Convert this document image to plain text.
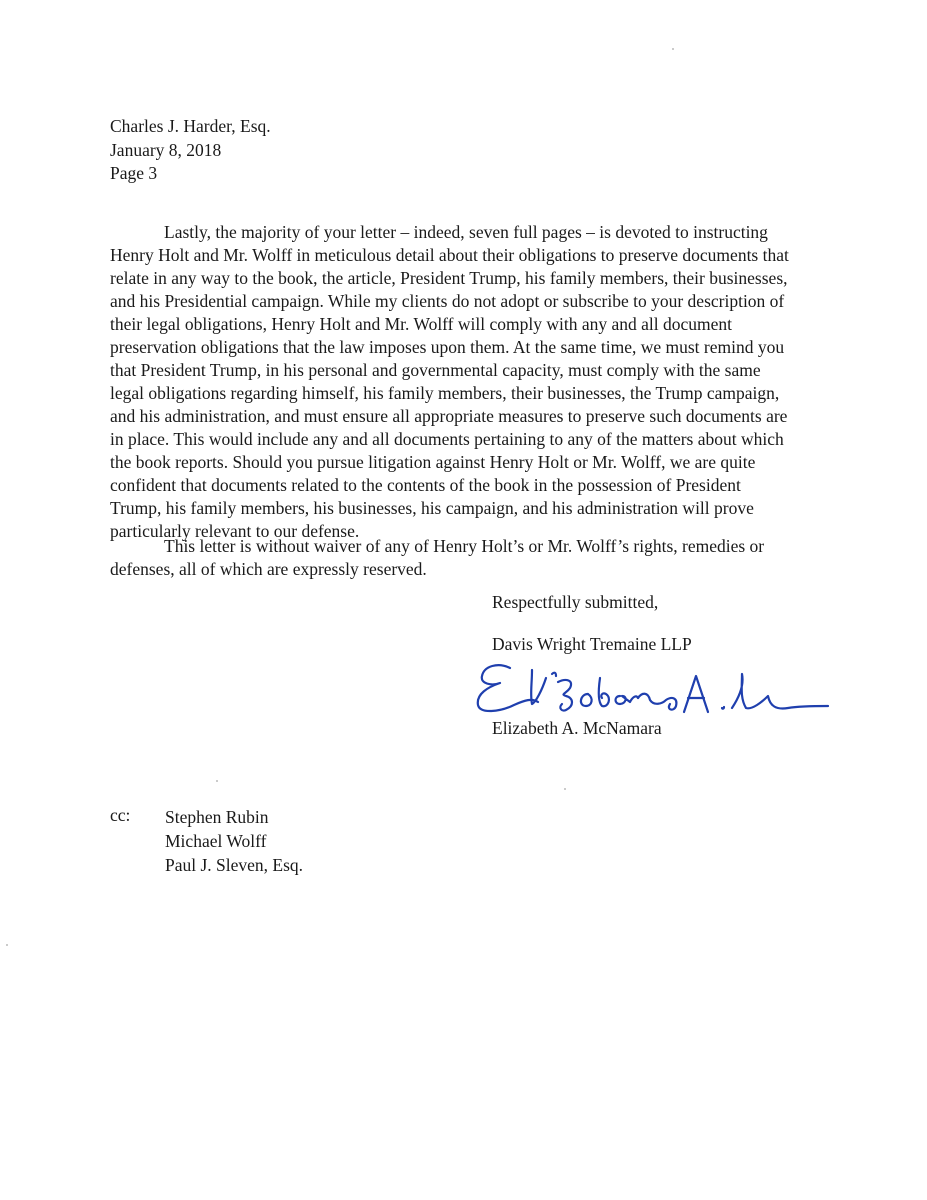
Charles J. Harder, Esq.
January 8, 2018
Page 3

Lastly, the majority of your letter – indeed, seven full pages – is devoted to instructing
Henry Holt and Mr. Wolff in meticulous detail about their obligations to preserve documents that
relate in any way to the book, the article, President Trump, his family members, their businesses,
and his Presidential campaign. While my clients do not adopt or subscribe to your description of
their legal obligations, Henry Holt and Mr. Wolff will comply with any and all document
preservation obligations that the law imposes upon them. At the same time, we must remind you
that President Trump, in his personal and governmental capacity, must comply with the same
legal obligations regarding himself, his family members, their businesses, the Trump campaign,
and his administration, and must ensure all appropriate measures to preserve such documents are
in place. This would include any and all documents pertaining to any of the matters about which
the book reports. Should you pursue litigation against Henry Holt or Mr. Wolff, we are quite
confident that documents related to the contents of the book in the possession of President
Trump, his family members, his businesses, his campaign, and his administration will prove
particularly relevant to our defense.

This letter is without waiver of any of Henry Holt’s or Mr. Wolff’s rights, remedies or
defenses, all of which are expressly reserved.

Respectfully submitted,
Davis Wright Tremaine LLP
Elizabeth A. McNamara
cc: Stephen Rubin
Michael Wolff
Paul J. Sleven, Esq.
